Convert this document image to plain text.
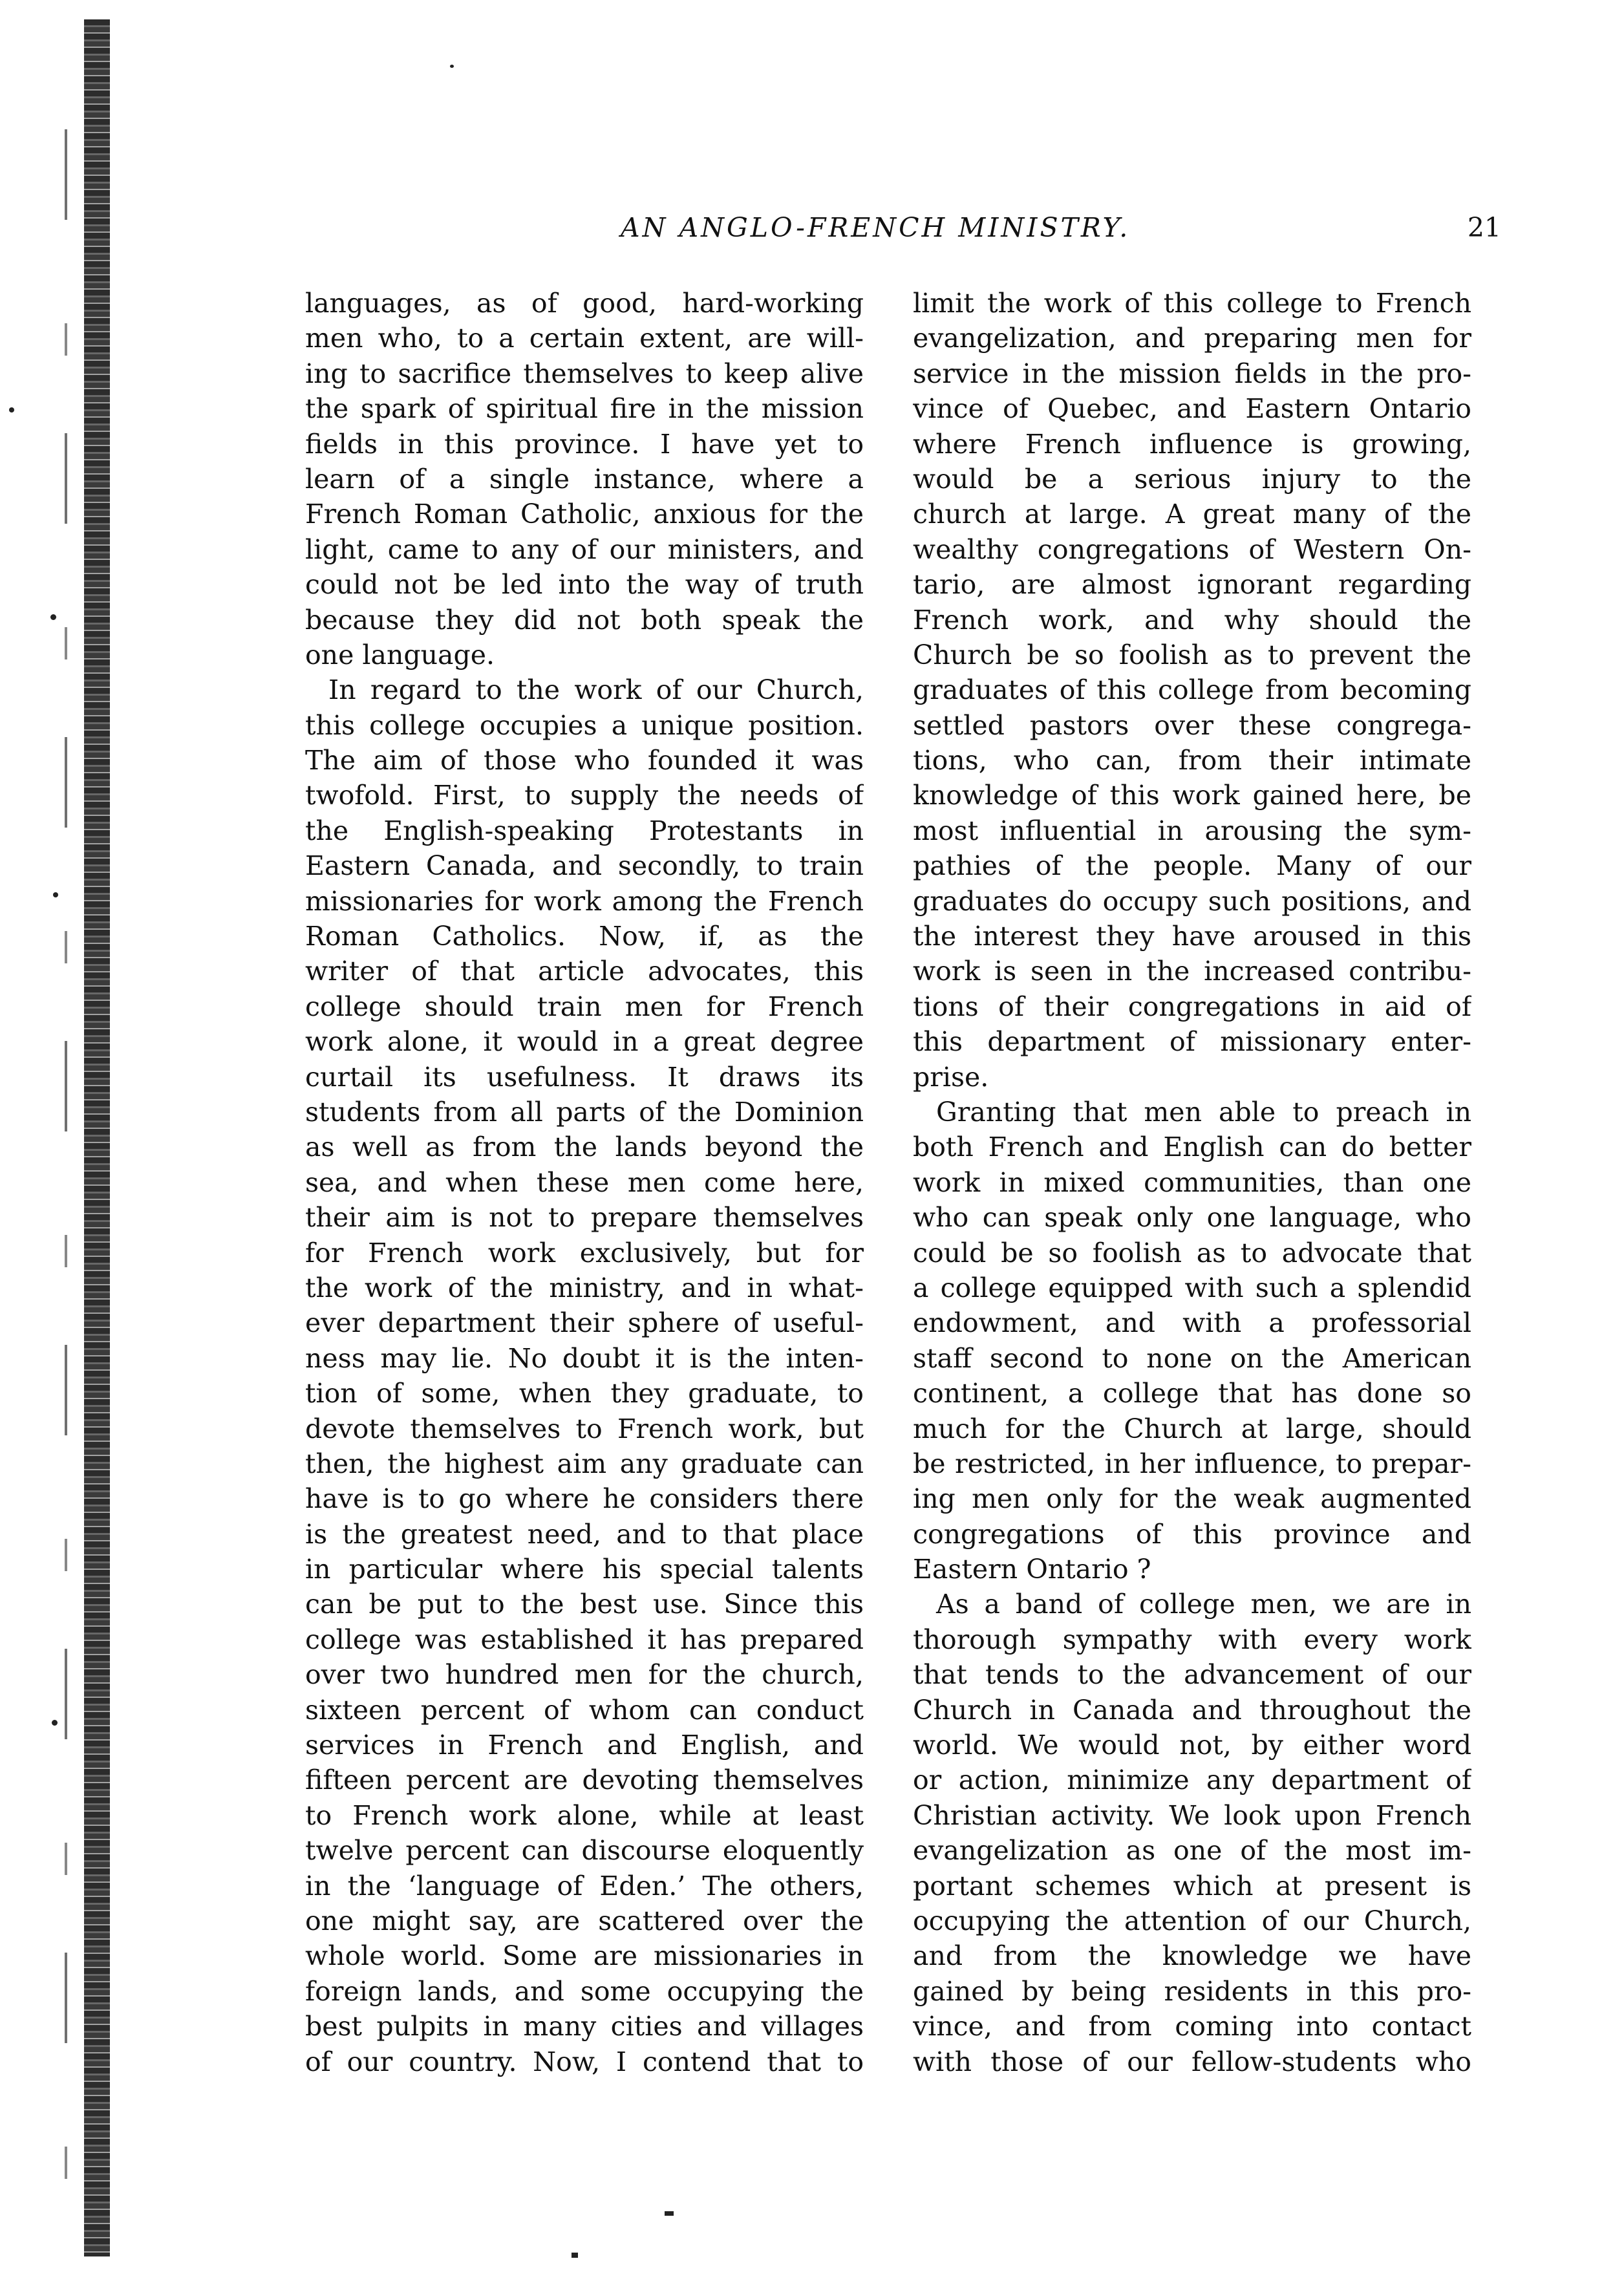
AN ANGLO-FRENCH MINISTRY.	21
languages, as of good, hard-working
men who, to a certain extent, are will-
ing to sacrifice themselves to keep alive
the spark of spiritual fire in the mission
fields in this province. I have yet to
learn of a single instance, where a
French Roman Catholic, anxious for the
light, came to any of our ministers, and
could not be led into the way of truth
because they did not both speak the
one language.
In regard to the work of our Church,
this college occupies a unique position.
The aim of those who founded it was
twofold. First, to supply the needs of
the English-speaking Protestants in
Eastern Canada, and secondly, to train
missionaries for work among the French
Roman Catholics. Now, if, as the
writer of that article advocates, this
college should train men for French
work alone, it would in a great degree
curtail its usefulness. It draws its
students from all parts of the Dominion
as well as from the lands beyond the
sea, and when these men come here,
their aim is not to prepare themselves
for French work exclusively, but for
the work of the ministry, and in what-
ever department their sphere of useful-
ness may lie. No doubt it is the inten-
tion of some, when they graduate, to
devote themselves to French work, but
then, the highest aim any graduate can
have is to go where he considers there
is the greatest need, and to that place
in particular where his special talents
can be put to the best use. Since this
college was established it has prepared
over two hundred men for the church,
sixteen percent of whom can conduct
services in French and English, and
fifteen percent are devoting themselves
to French work alone, while at least
twelve percent can discourse eloquently
in the ‘language of Eden.’ The others,
one might say, are scattered over the
whole world. Some are missionaries in
foreign lands, and some occupying the
best pulpits in many cities and villages
of our country. Now, I contend that to
limit the work of this college to French
evangelization, and preparing men for
service in the mission fields in the pro-
vince of Quebec, and Eastern Ontario
where French influence is growing,
would be a serious injury to the
church at large. A great many of the
wealthy congregations of Western On-
tario, are almost ignorant regarding
French work, and why should the
Church be so foolish as to prevent the
graduates of this college from becoming
settled pastors over these congrega-
tions, who can, from their intimate
knowledge of this work gained here, be
most influential in arousing the sym-
pathies of the people. Many of our
graduates do occupy such positions, and
the interest they have aroused in this
work is seen in the increased contribu-
tions of their congregations in aid of
this department of missionary enter-
prise.
Granting that men able to preach in
both French and English can do better
work in mixed communities, than one
who can speak only one language, who
could be so foolish as to advocate that
a college equipped with such a splendid
endowment, and with a professorial
staff second to none on the American
continent, a college that has done so
much for the Church at large, should
be restricted, in her influence, to prepar-
ing men only for the weak augmented
congregations of this province and
Eastern Ontario ?
As a band of college men, we are in
thorough sympathy with every work
that tends to the advancement of our
Church in Canada and throughout the
world. We would not, by either word
or action, minimize any department of
Christian activity. We look upon French
evangelization as one of the most im-
portant schemes which at present is
occupying the attention of our Church,
and from the knowledge we have
gained by being residents in this pro-
vince, and from coming into contact
with those of our fellow-students who
